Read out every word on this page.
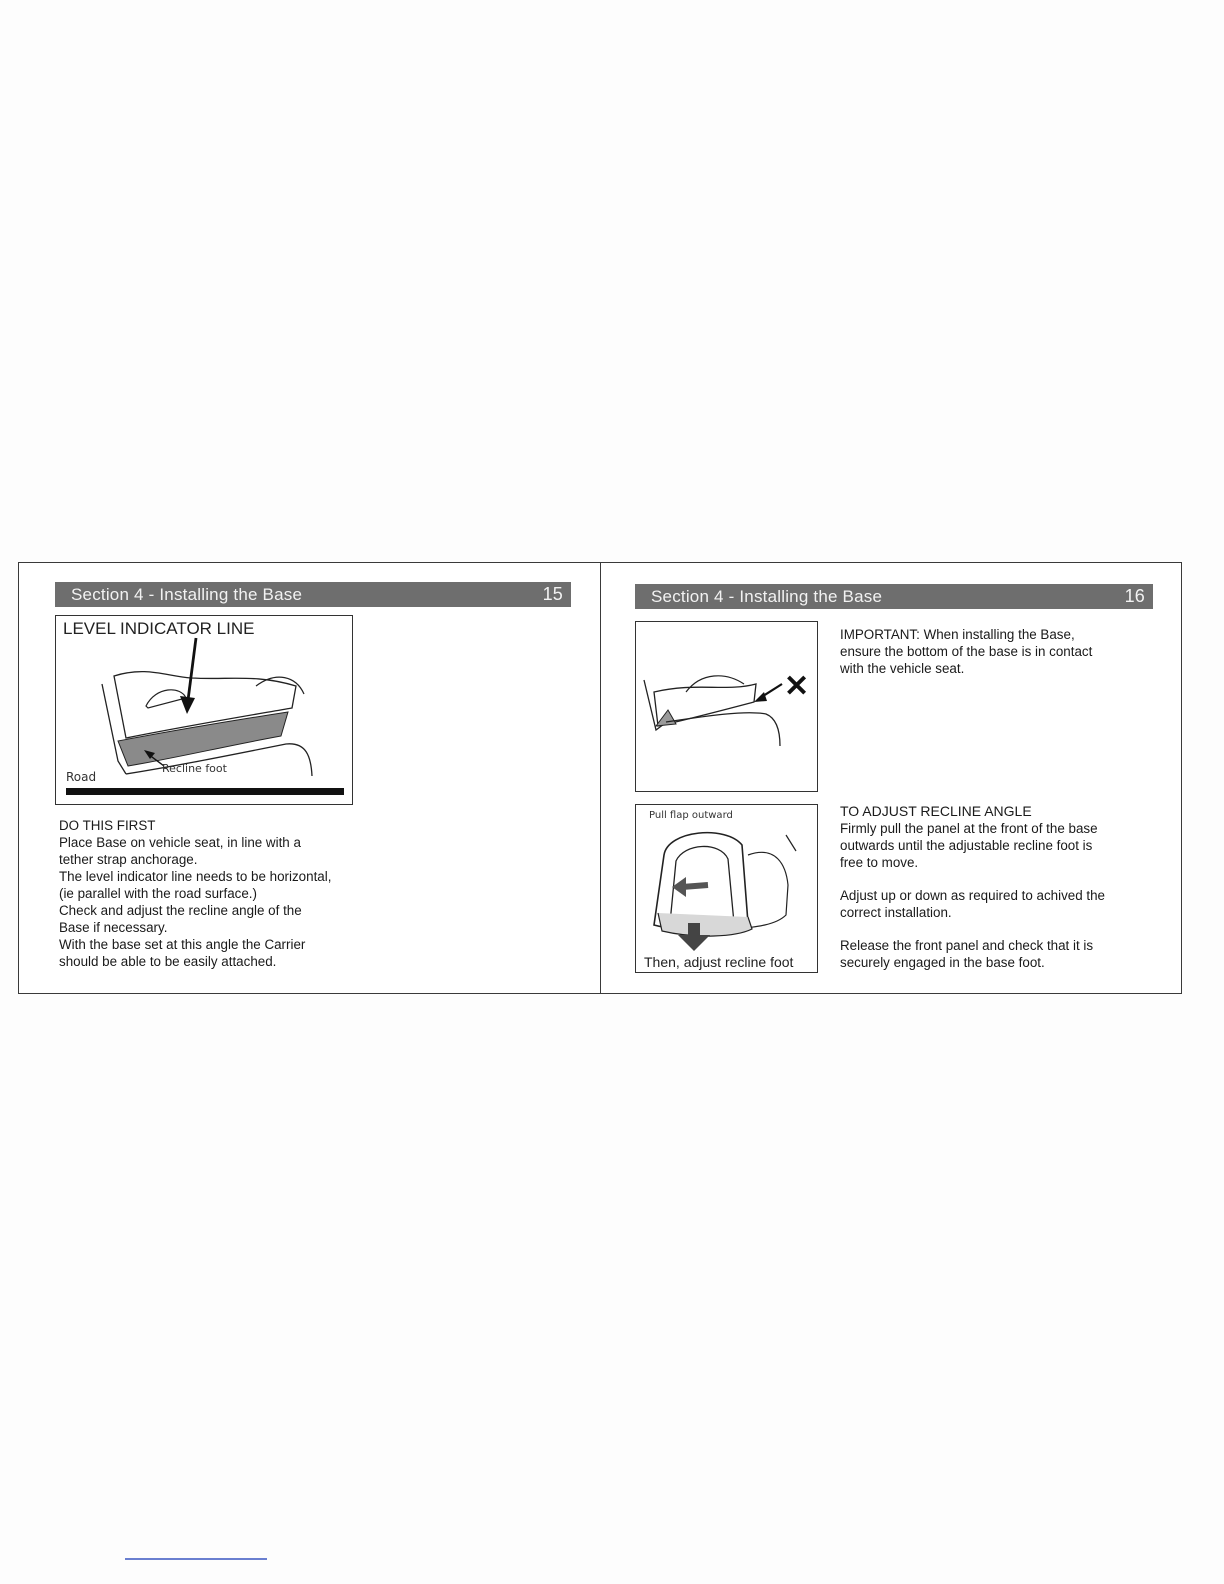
Section 4 - Installing the Base	15
LEVEL INDICATOR LINE
Recline foot
Road
DO THIS FIRST
Place Base on vehicle seat, in line with a
tether strap anchorage.
The level indicator line needs to be horizontal,
(ie parallel with the road surface.)
Check and adjust the recline angle of the
Base if necessary.
With the base set at this angle the Carrier
should be able to be easily attached.
Section 4 - Installing the Base	16
✕
IMPORTANT: When installing the Base,
ensure the bottom of the base is in contact
with the vehicle seat.
Pull flap outward
Then, adjust recline foot
TO ADJUST RECLINE ANGLE
Firmly pull the panel at the front of the base
outwards until the adjustable recline foot is
free to move.
Adjust up or down as required to achived the
correct installation.
Release the front panel and check that it is
securely engaged in the base foot.
